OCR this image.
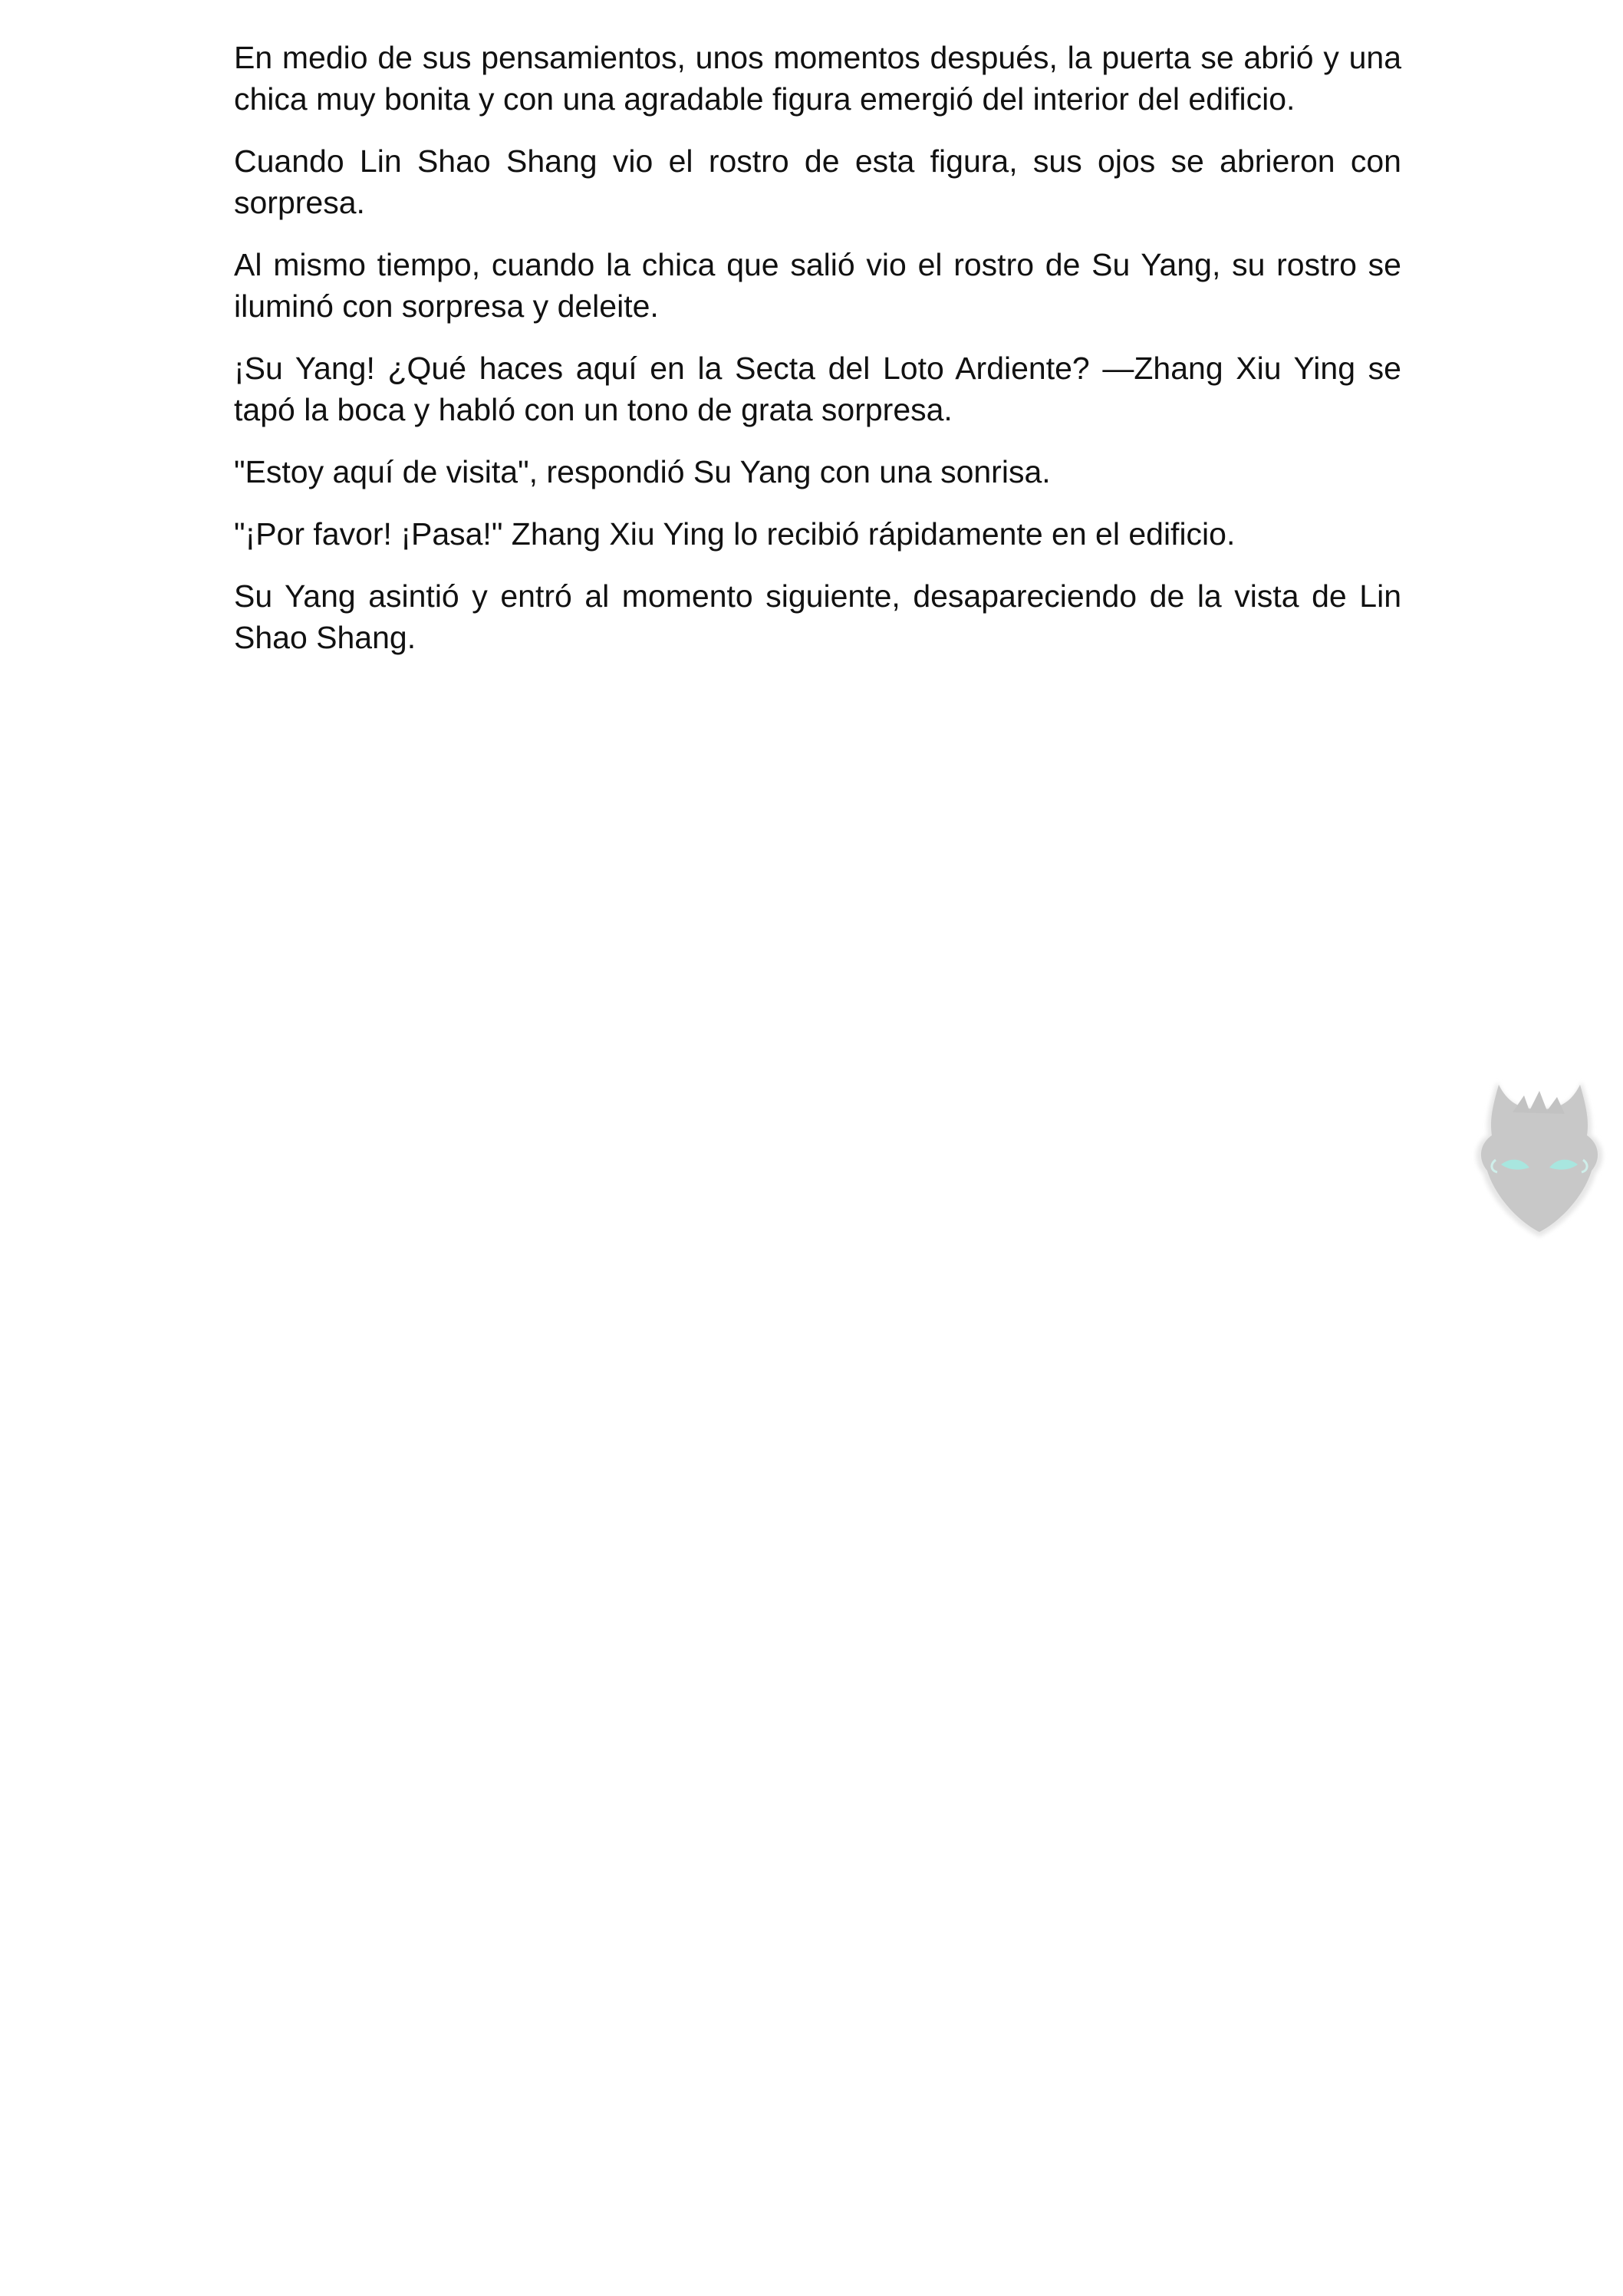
En medio de sus pensamientos, unos momentos después, la puerta se abrió y una chica muy bonita y con una agradable figura emergió del interior del edificio.

Cuando Lin Shao Shang vio el rostro de esta figura, sus ojos se abrieron con sorpresa.

Al mismo tiempo, cuando la chica que salió vio el rostro de Su Yang, su rostro se iluminó con sorpresa y deleite.

¡Su Yang! ¿Qué haces aquí en la Secta del Loto Ardiente? —Zhang Xiu Ying se tapó la boca y habló con un tono de grata sorpresa.

"Estoy aquí de visita", respondió Su Yang con una sonrisa.

"¡Por favor! ¡Pasa!" Zhang Xiu Ying lo recibió rápidamente en el edificio.

Su Yang asintió y entró al momento siguiente, desapareciendo de la vista de Lin Shao Shang.
